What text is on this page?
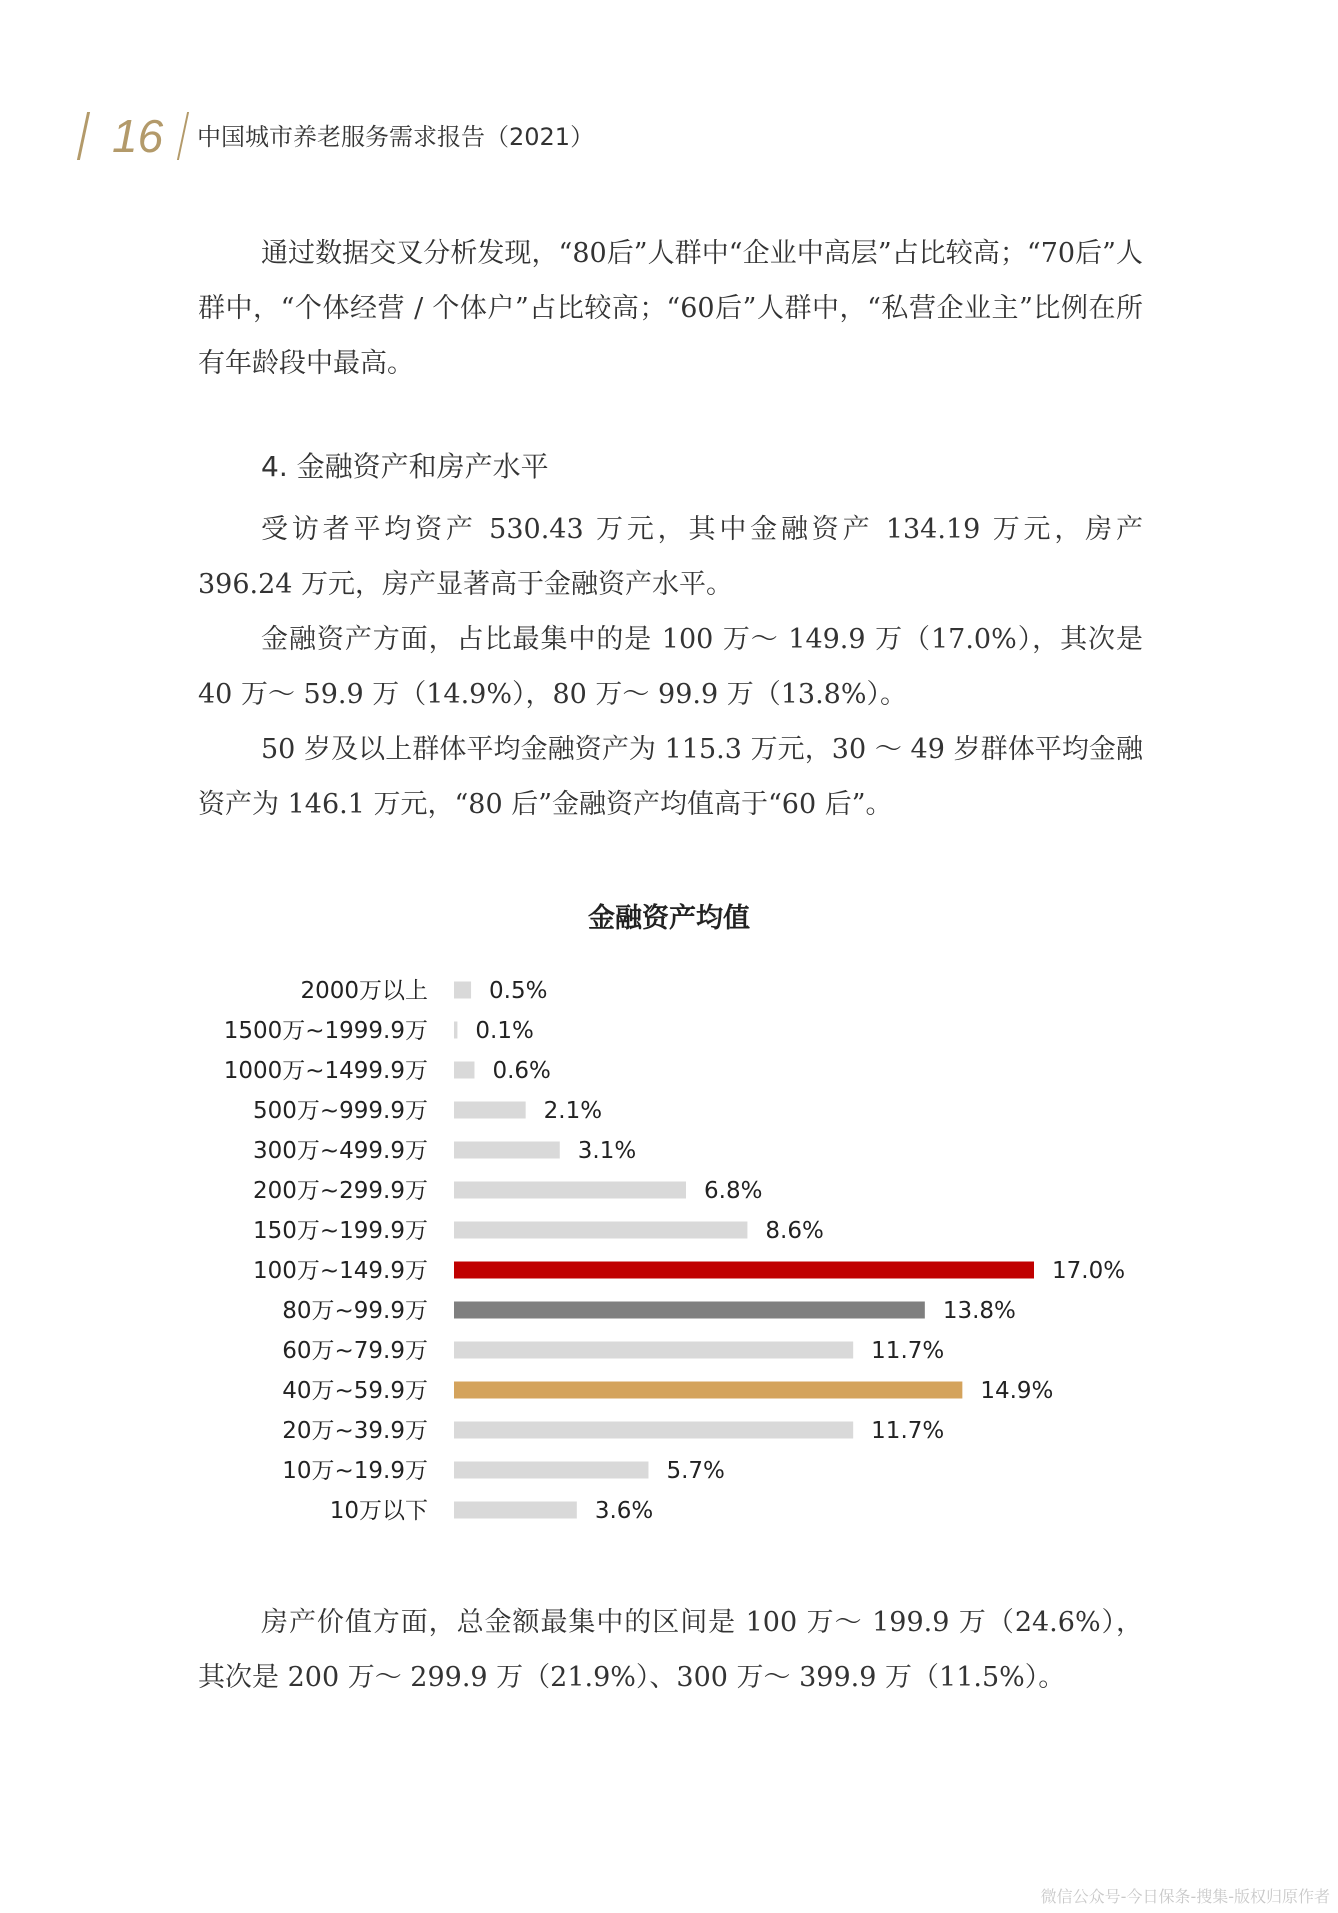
16 中国城市养老服务需求报告（2021）
通过数据交叉分析发现，“80后”人群中“企业中高层”占比较高；“70后”人群中，“个体经营 / 个体户”占比较高；“60后”人群中，“私营企业主”比例在所有年龄段中最高。
4. 金融资产和房产水平
受访者平均资产 530.43 万元，其中金融资产 134.19 万元，房产 396.24 万元，房产显著高于金融资产水平。
金融资产方面，占比最集中的是 100 万～ 149.9 万（17.0%），其次是 40 万～ 59.9 万（14.9%），80 万～ 99.9 万（13.8%）。
50 岁及以上群体平均金融资产为 115.3 万元，30 ～ 49 岁群体平均金融资产为 146.1 万元，“80 后”金融资产均值高于“60 后”。
金融资产均值
2000万以上	0.5%
1500万~1999.9万 0.1%
1000万~1499.9万	0.6%
500万~999.9万	2.1%
300万~499.9万	3.1%
200万~299.9万	6.8%
150万~199.9万	8.6%
100万~149.9万	17.0%
80万~99.9万	13.8%
60万~79.9万	11.7%
40万~59.9万	14.9%
20万~39.9万	11.7%
10万~19.9万	5.7%
10万以下	3.6%
房产价值方面，总金额最集中的区间是 100 万～ 199.9 万（24.6%），其次是 200 万～ 299.9 万（21.9%）、300 万～ 399.9 万（11.5%）。
微信公众号-今日保条-搜集-版权归原作者
